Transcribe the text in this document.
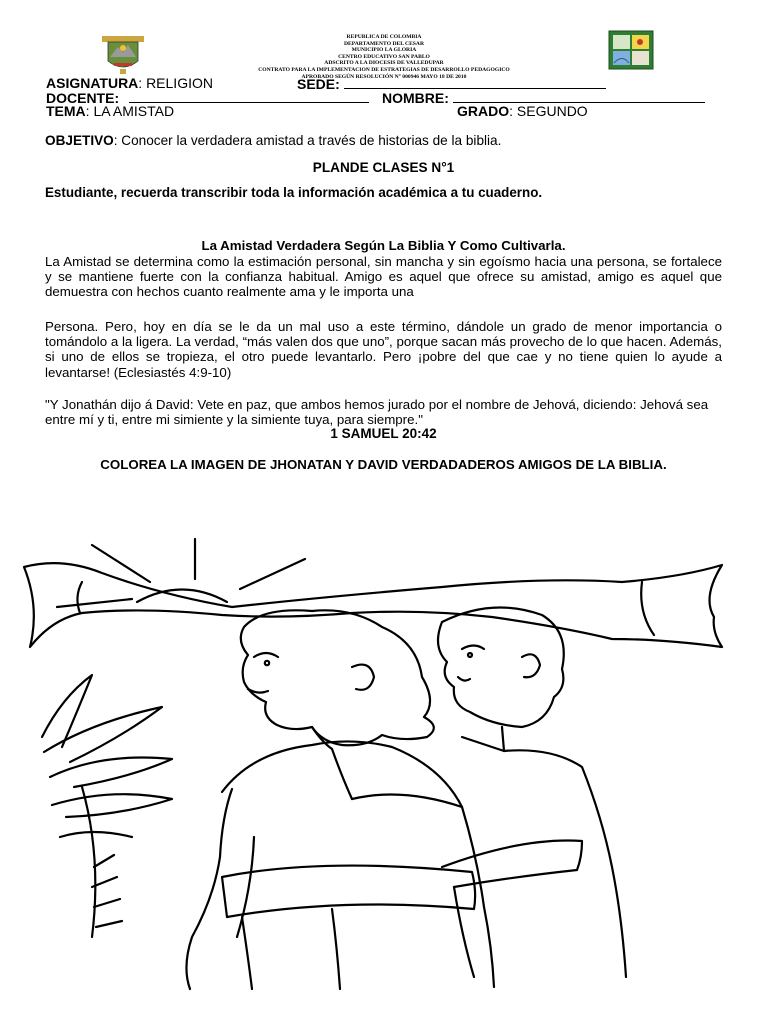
REPUBLICA DE COLOMBIA
DEPARTAMENTO DEL CESAR
MUNICIPIO LA GLORIA
CENTRO EDUCATIVO SAN PABLO
ADSCRITO A LA DIOCESIS DE VALLEDUPAR
CONTRATO PARA LA IMPLEMENTACION DE ESTRATEGIAS DE DESARROLLO PEDAGOGICO
APROBADO SEGÚN RESOLUCIÓN N° 000946 MAYO 18 DE 2010
ASIGNATURA: RELIGION	SEDE:
DOCENTE:	NOMBRE:
TEMA: LA AMISTAD	GRADO: SEGUNDO
OBJETIVO: Conocer la verdadera amistad a través de historias de la biblia.
PLANDE CLASES N°1
Estudiante, recuerda transcribir toda la información académica a tu cuaderno.
La Amistad Verdadera Según La Biblia Y Como Cultivarla.
La Amistad se determina como la estimación personal, sin mancha y sin egoísmo hacia una persona, se fortalece y se mantiene fuerte con la confianza habitual. Amigo es aquel que ofrece su amistad, amigo es aquel que demuestra con hechos cuanto realmente ama y le importa una
Persona. Pero, hoy en día se le da un mal uso a este término, dándole un grado de menor importancia o tomándolo a la ligera. La verdad, “más valen dos que uno”, porque sacan más provecho de lo que hacen. Además, si uno de ellos se tropieza, el otro puede levantarlo. Pero ¡pobre del que cae y no tiene quien lo ayude a levantarse! (Eclesiastés 4:9-10)
"Y Jonathán dijo á David: Vete en paz, que ambos hemos jurado por el nombre de Jehová, diciendo: Jehová sea entre mí y ti, entre mi simiente y la simiente tuya, para siempre."
1 SAMUEL 20:42
COLOREA LA IMAGEN DE JHONATAN Y DAVID VERDADADEROS AMIGOS DE LA BIBLIA.
